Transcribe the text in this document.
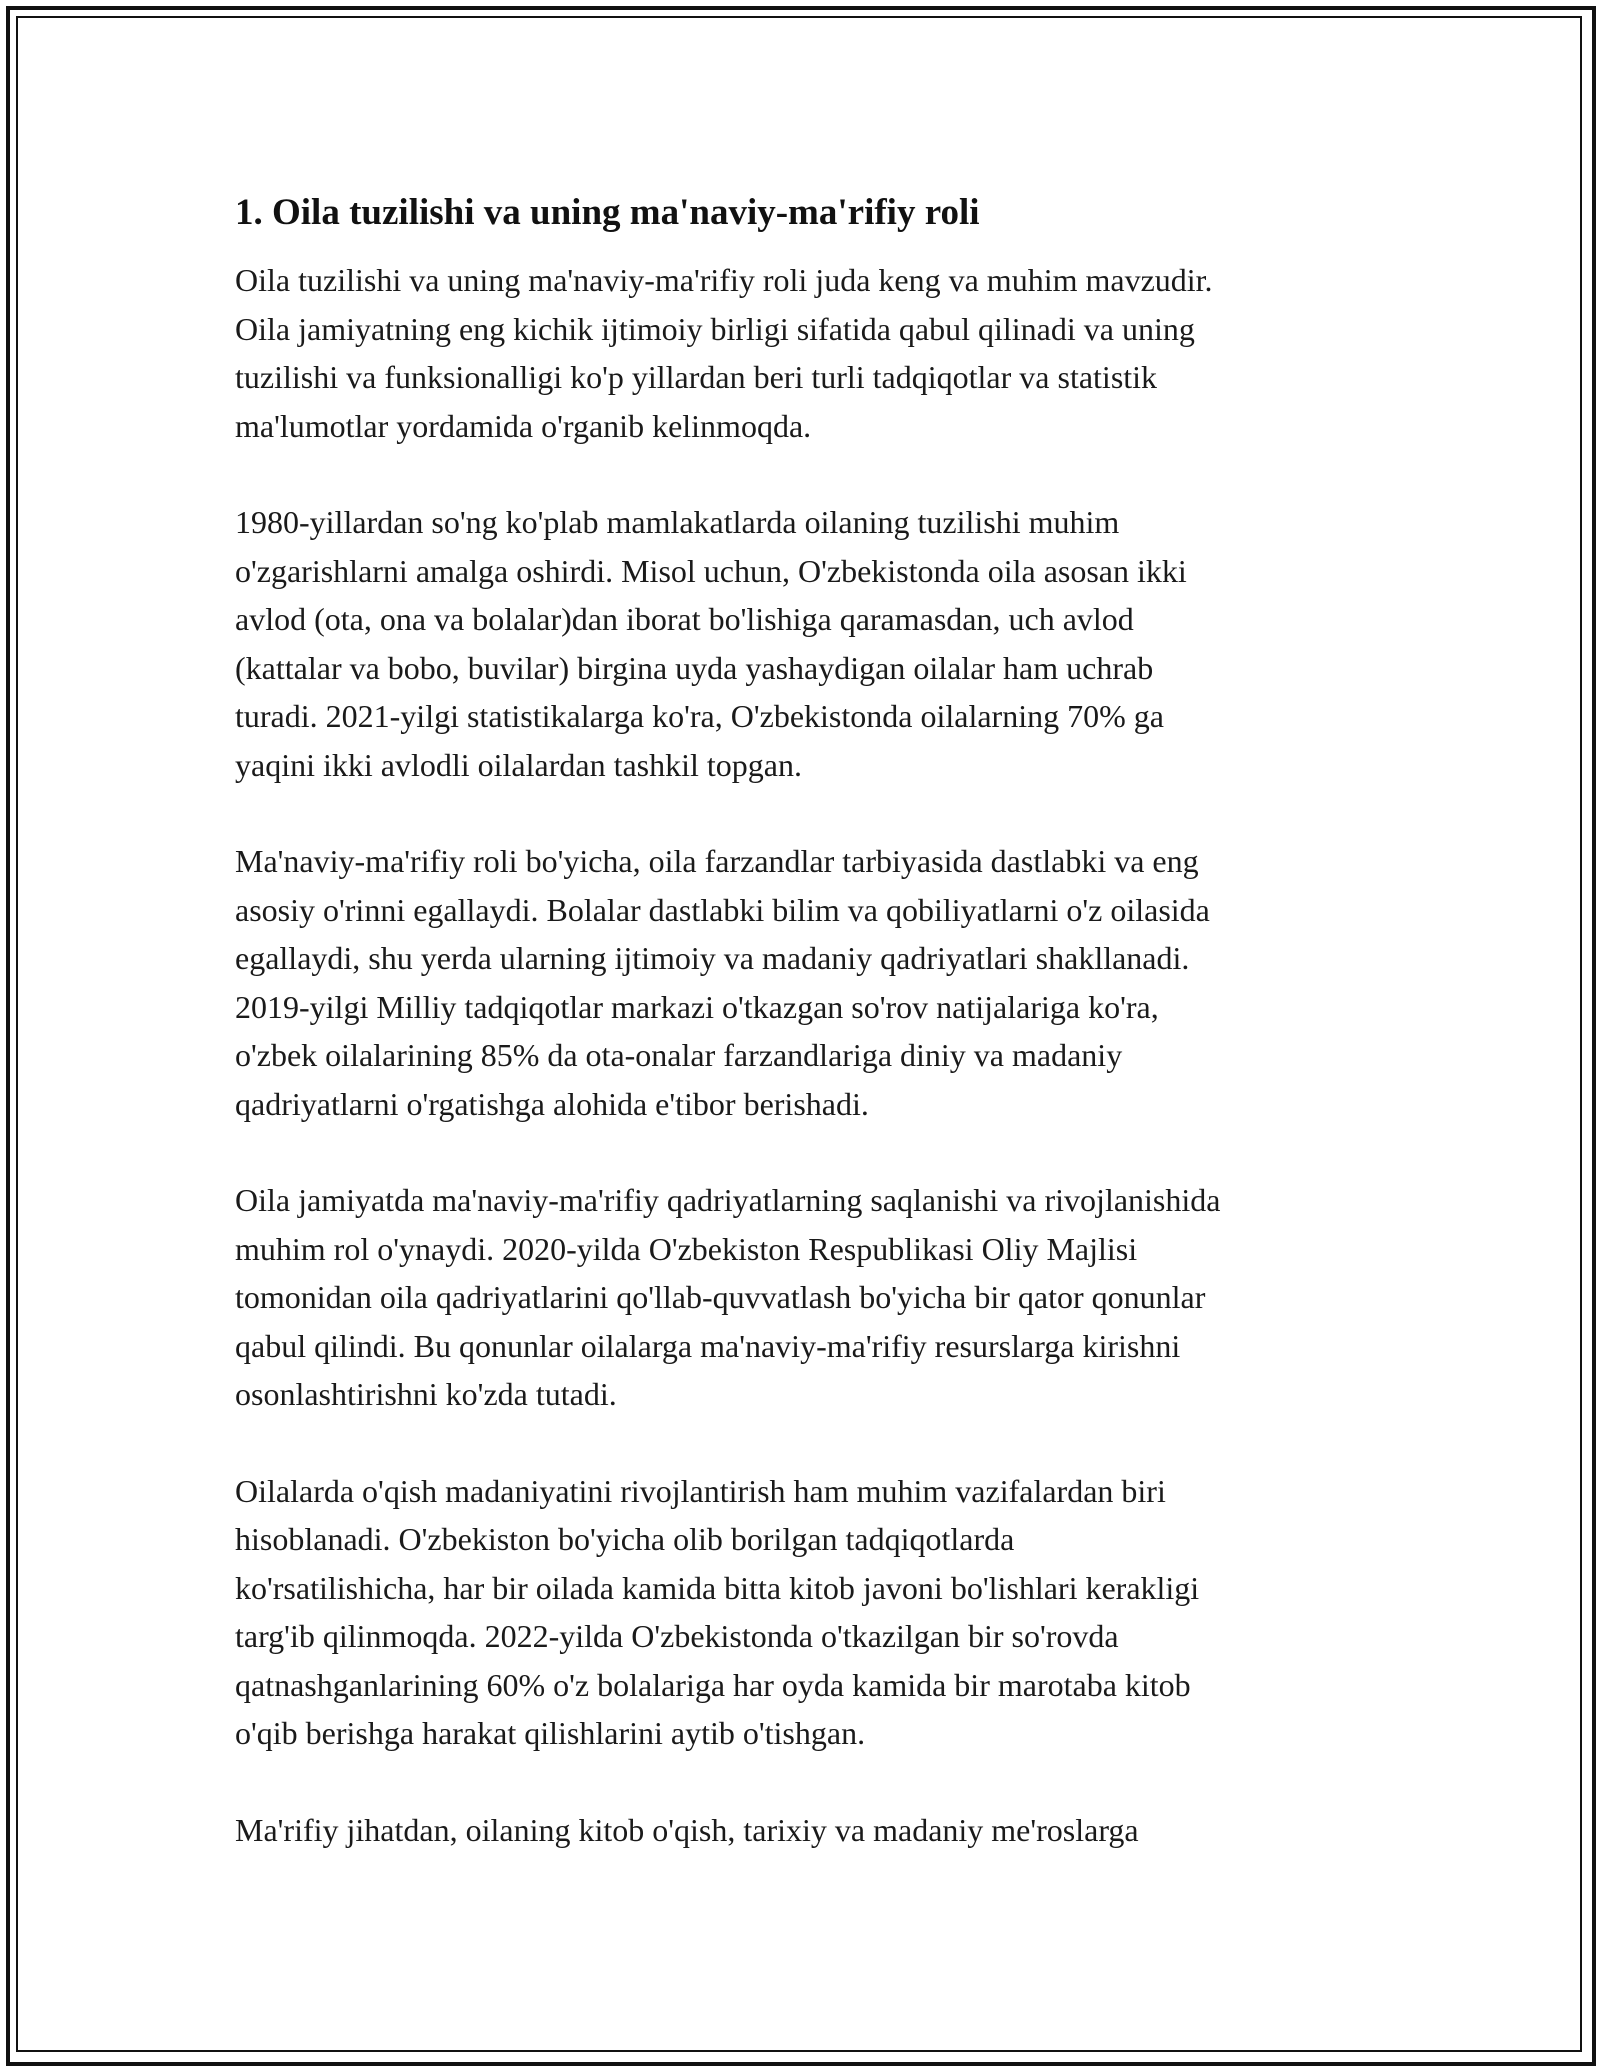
1. Oila tuzilishi va uning ma'naviy-ma'rifiy roli

Oila tuzilishi va uning ma'naviy-ma'rifiy roli juda keng va muhim mavzudir.
Oila jamiyatning eng kichik ijtimoiy birligi sifatida qabul qilinadi va uning
tuzilishi va funksionalligi ko'p yillardan beri turli tadqiqotlar va statistik
ma'lumotlar yordamida o'rganib kelinmoqda.

1980-yillardan so'ng ko'plab mamlakatlarda oilaning tuzilishi muhim
o'zgarishlarni amalga oshirdi. Misol uchun, O'zbekistonda oila asosan ikki
avlod (ota, ona va bolalar)dan iborat bo'lishiga qaramasdan, uch avlod
(kattalar va bobo, buvilar) birgina uyda yashaydigan oilalar ham uchrab
turadi. 2021-yilgi statistikalarga ko'ra, O'zbekistonda oilalarning 70% ga
yaqini ikki avlodli oilalardan tashkil topgan.

Ma'naviy-ma'rifiy roli bo'yicha, oila farzandlar tarbiyasida dastlabki va eng
asosiy o'rinni egallaydi. Bolalar dastlabki bilim va qobiliyatlarni o'z oilasida
egallaydi, shu yerda ularning ijtimoiy va madaniy qadriyatlari shakllanadi.
2019-yilgi Milliy tadqiqotlar markazi o'tkazgan so'rov natijalariga ko'ra,
o'zbek oilalarining 85% da ota-onalar farzandlariga diniy va madaniy
qadriyatlarni o'rgatishga alohida e'tibor berishadi.

Oila jamiyatda ma'naviy-ma'rifiy qadriyatlarning saqlanishi va rivojlanishida
muhim rol o'ynaydi. 2020-yilda O'zbekiston Respublikasi Oliy Majlisi
tomonidan oila qadriyatlarini qo'llab-quvvatlash bo'yicha bir qator qonunlar
qabul qilindi. Bu qonunlar oilalarga ma'naviy-ma'rifiy resurslarga kirishni
osonlashtirishni ko'zda tutadi.

Oilalarda o'qish madaniyatini rivojlantirish ham muhim vazifalardan biri
hisoblanadi. O'zbekiston bo'yicha olib borilgan tadqiqotlarda
ko'rsatilishicha, har bir oilada kamida bitta kitob javoni bo'lishlari kerakligi
targ'ib qilinmoqda. 2022-yilda O'zbekistonda o'tkazilgan bir so'rovda
qatnashganlarining 60% o'z bolalariga har oyda kamida bir marotaba kitob
o'qib berishga harakat qilishlarini aytib o'tishgan.

Ma'rifiy jihatdan, oilaning kitob o'qish, tarixiy va madaniy me'roslarga
